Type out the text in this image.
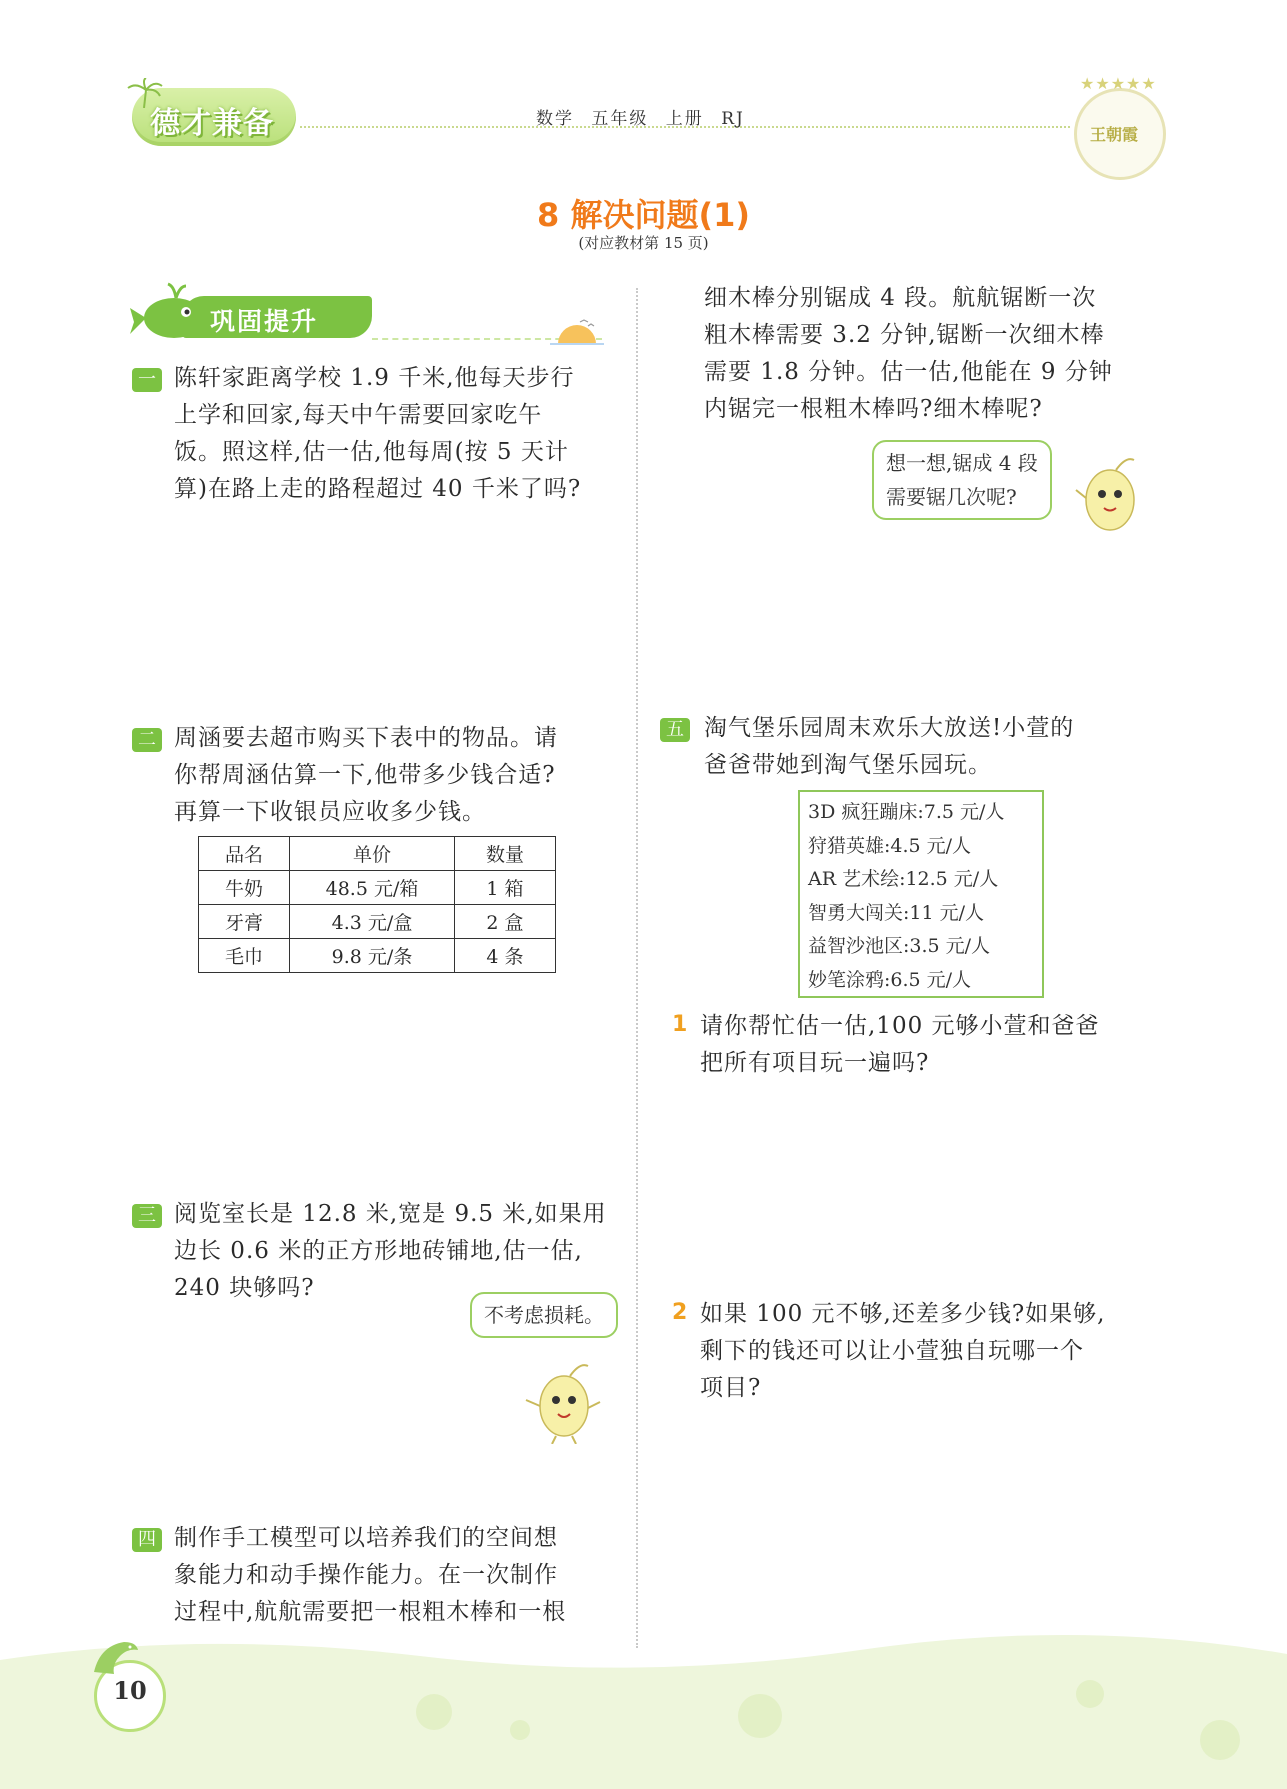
德才兼备	数学 五年级 上册 RJ
★★★★★
王朝霞
8 解决问题(1)
(对应教材第 15 页)
巩固提升
一 陈轩家距离学校 1.9 千米,他每天步行
上学和回家,每天中午需要回家吃午
饭。照这样,估一估,他每周(按 5 天计
算)在路上走的路程超过 40 千米了吗?
二 周涵要去超市购买下表中的物品。请
你帮周涵估算一下,他带多少钱合适?
再算一下收银员应收多少钱。
品名	单价	数量
牛奶	48.5 元/箱	1 箱
牙膏	4.3 元/盒	2 盒
毛巾	9.8 元/条	4 条
三 阅览室长是 12.8 米,宽是 9.5 米,如果用
边长 0.6 米的正方形地砖铺地,估一估,
240 块够吗?
不考虑损耗。
四 制作手工模型可以培养我们的空间想
象能力和动手操作能力。在一次制作
过程中,航航需要把一根粗木棒和一根
细木棒分别锯成 4 段。航航锯断一次
粗木棒需要 3.2 分钟,锯断一次细木棒
需要 1.8 分钟。估一估,他能在 9 分钟
内锯完一根粗木棒吗?细木棒呢?
想一想,锯成 4 段
需要锯几次呢?
五 淘气堡乐园周末欢乐大放送!小萱的
爸爸带她到淘气堡乐园玩。
3D 疯狂蹦床:7.5 元/人
狩猎英雄:4.5 元/人
AR 艺术绘:12.5 元/人
智勇大闯关:11 元/人
益智沙池区:3.5 元/人
妙笔涂鸦:6.5 元/人
1 请你帮忙估一估,100 元够小萱和爸爸
把所有项目玩一遍吗?
2 如果 100 元不够,还差多少钱?如果够,
剩下的钱还可以让小萱独自玩哪一个
项目?
10
